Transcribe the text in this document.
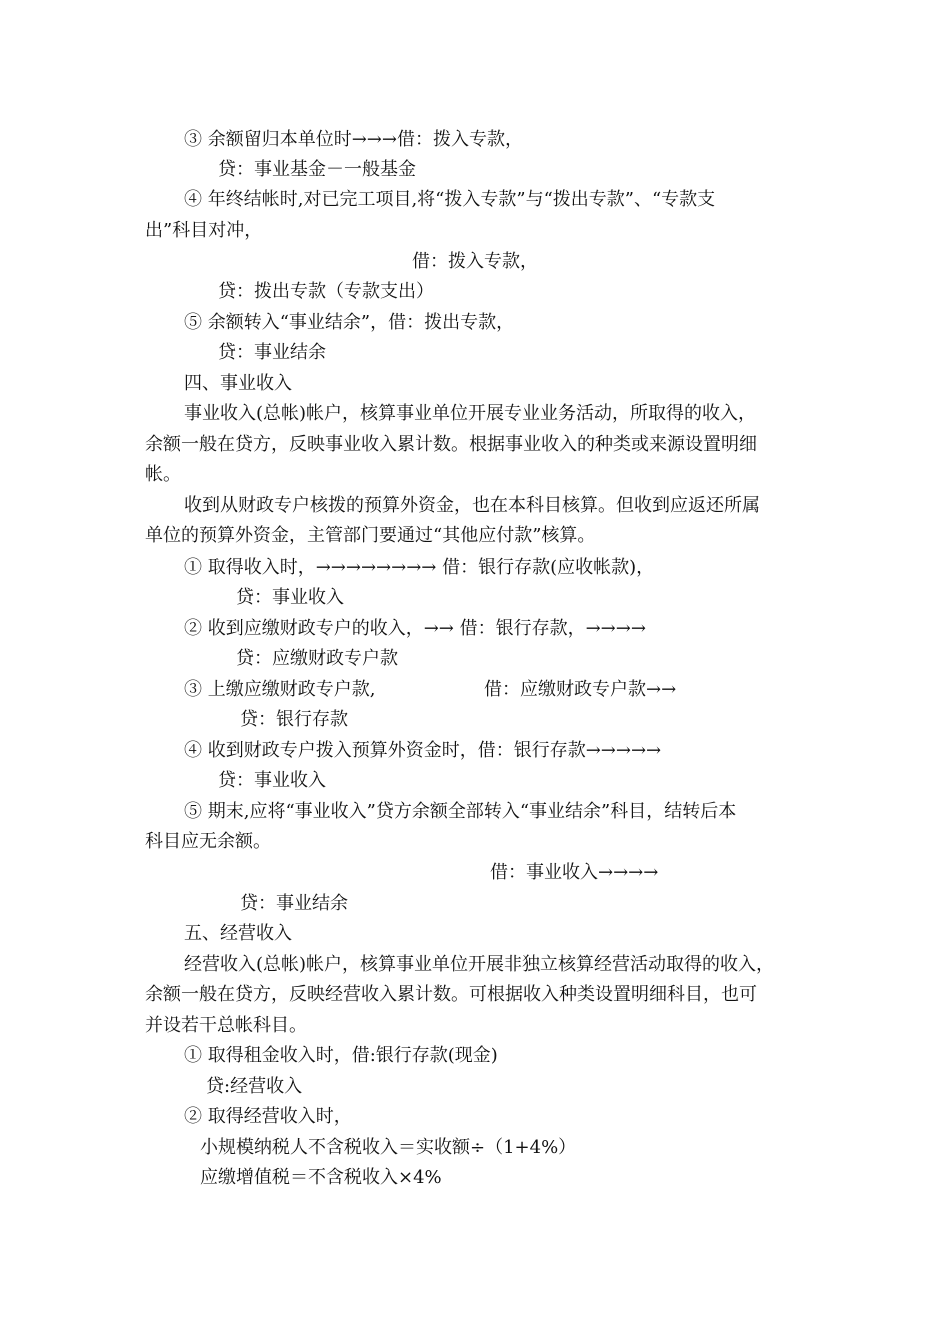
③ 余额留归本单位时→→→借：拨入专款，
贷：事业基金－一般基金
④ 年终结帐时,对已完工项目,将“拨入专款”与“拨出专款”、“专款支
出”科目对冲，
借：拨入专款，
贷：拨出专款（专款支出）
⑤ 余额转入“事业结余”，借：拨出专款，
贷：事业结余
四、事业收入
事业收入(总帐)帐户，核算事业单位开展专业业务活动，所取得的收入，
余额一般在贷方，反映事业收入累计数。根据事业收入的种类或来源设置明细
帐。
收到从财政专户核拨的预算外资金，也在本科目核算。但收到应返还所属
单位的预算外资金，主管部门要通过“其他应付款”核算。
① 取得收入时，→→→→→→→→ 借：银行存款(应收帐款)，
贷：事业收入
② 收到应缴财政专户的收入，→→ 借：银行存款，→→→→
贷：应缴财政专户款
③ 上缴应缴财政专户款,	借：应缴财政专户款→→
贷：银行存款
④ 收到财政专户拨入预算外资金时，借：银行存款→→→→→
贷：事业收入
⑤ 期末,应将“事业收入”贷方余额全部转入“事业结余”科目，结转后本
科目应无余额。
借：事业收入→→→→
贷：事业结余
五、经营收入
经营收入(总帐)帐户，核算事业单位开展非独立核算经营活动取得的收入，
余额一般在贷方，反映经营收入累计数。可根据收入种类设置明细科目，也可
并设若干总帐科目。
① 取得租金收入时，借:银行存款(现金)
贷:经营收入
② 取得经营收入时，
小规模纳税人不含税收入＝实收额÷（1+4%）
应缴增值税＝不含税收入×4%
